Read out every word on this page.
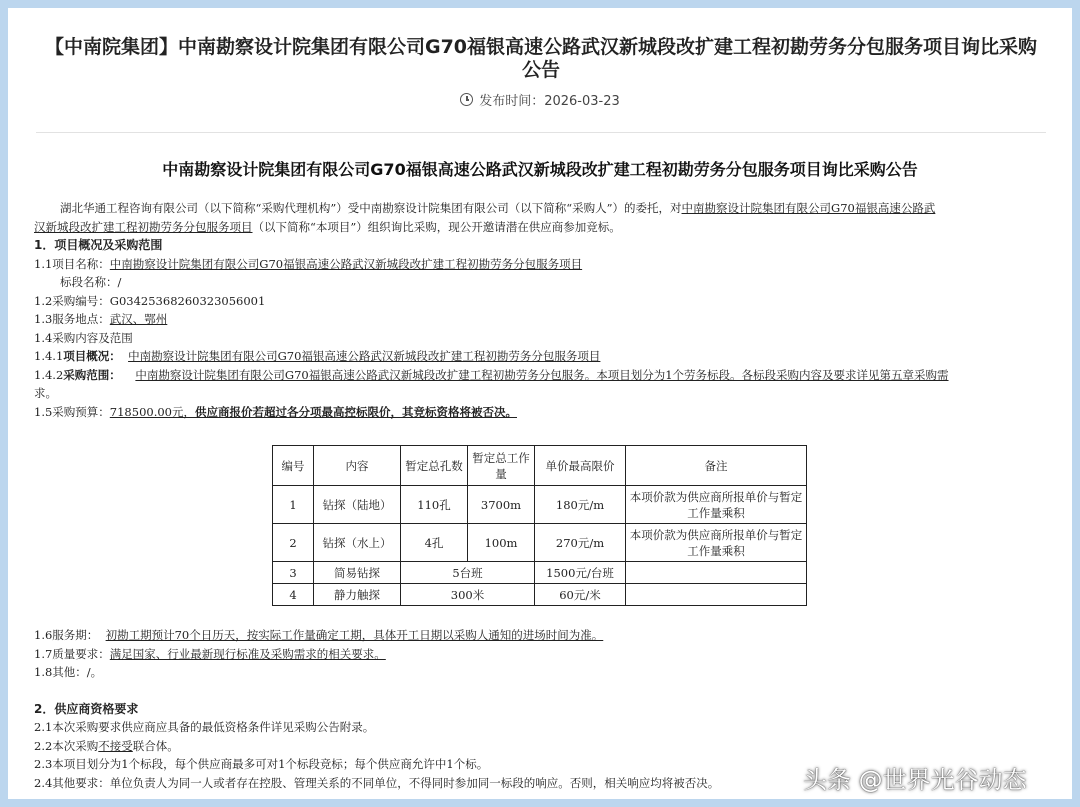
【中南院集团】中南勘察设计院集团有限公司G70福银高速公路武汉新城段改扩建工程初勘劳务分包服务项目询比采购公告
发布时间：2026-03-23
中南勘察设计院集团有限公司G70福银高速公路武汉新城段改扩建工程初勘劳务分包服务项目询比采购公告
湖北华通工程咨询有限公司（以下简称“采购代理机构”）受中南勘察设计院集团有限公司（以下简称“采购人”）的委托，对中南勘察设计院集团有限公司G70福银高速公路武
汉新城段改扩建工程初勘劳务分包服务项目（以下简称“本项目”）组织询比采购，现公开邀请潜在供应商参加竞标。
1．项目概况及采购范围
1.1项目名称：中南勘察设计院集团有限公司G70福银高速公路武汉新城段改扩建工程初勘劳务分包服务项目
标段名称：/
1.2采购编号：G03425368260323056001
1.3服务地点：武汉、鄂州
1.4采购内容及范围
1.4.1项目概况： 中南勘察设计院集团有限公司G70福银高速公路武汉新城段改扩建工程初勘劳务分包服务项目
1.4.2采购范围： 中南勘察设计院集团有限公司G70福银高速公路武汉新城段改扩建工程初勘劳务分包服务。本项目划分为1个劳务标段。各标段采购内容及要求详见第五章采购需
求。
1.5采购预算：718500.00元，供应商报价若超过各分项最高控标限价，其竞标资格将被否决。
编号	内容	暂定总孔数	暂定总工作量	单价最高限价	备注
1	钻探（陆地）	110孔	3700m	180元/m	本项价款为供应商所报单价与暂定工作量乘积
2	钻探（水上）	4孔	100m	270元/m	本项价款为供应商所报单价与暂定工作量乘积
3	简易钻探	5台班		1500元/台班	
4	静力触探	300米		60元/米	
1.6服务期： 初勘工期预计70个日历天，按实际工作量确定工期，具体开工日期以采购人通知的进场时间为准。
1.7质量要求：满足国家、行业最新现行标准及采购需求的相关要求。
1.8其他：/。
2．供应商资格要求
2.1本次采购要求供应商应具备的最低资格条件详见采购公告附录。
2.2本次采购不接受联合体。
2.3本项目划分为1个标段，每个供应商最多可对1个标段竞标；每个供应商允许中1个标。
2.4其他要求：单位负责人为同一人或者存在控股、管理关系的不同单位，不得同时参加同一标段的响应。否则，相关响应均将被否决。	头条 @世界光谷动态
